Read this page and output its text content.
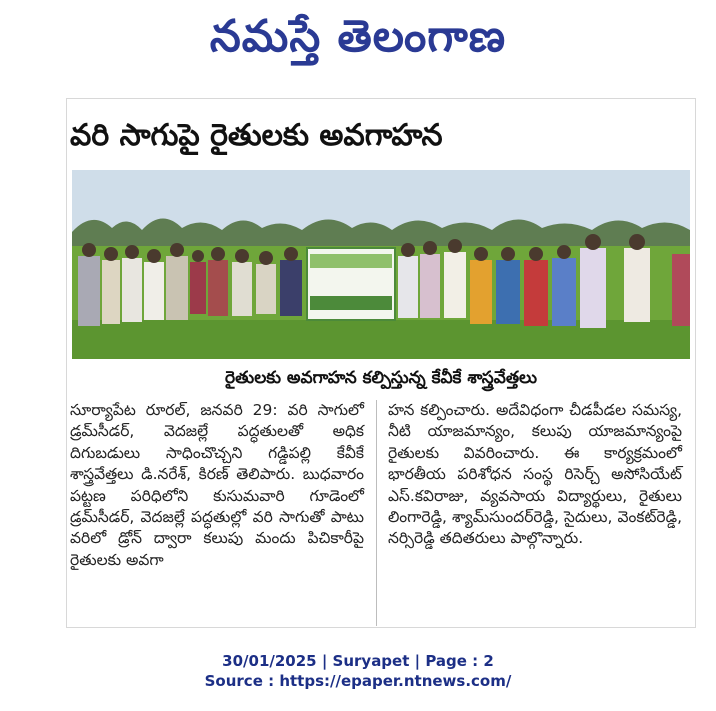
నమస్తే తెలంగాణ
వరి సాగుపై రైతులకు అవగాహన
రైతులకు అవగాహన కల్పిస్తున్న కేవీకే శాస్త్రవేత్తలు
సూర్యాపేట రూరల్, జనవరి 29: వరి సాగులో డ్రమ్‌సీడర్, వెదజల్లే పద్ధతులతో అధిక దిగుబడులు సాధించొచ్చని గడ్డిపల్లి కేవీకే శాస్త్రవేత్తలు డి.నరేశ్, కిరణ్ తెలిపారు. బుధవారం పట్టణ పరిధిలోని కుసుమవారి గూడెంలో డ్రమ్‌సీడర్, వెదజల్లే పద్ధతుల్లో వరి సాగుతో పాటు వరిలో డ్రోన్ ద్వారా కలుపు మందు పిచికారీపై రైతులకు అవగా
హన కల్పించారు. అదేవిధంగా చీడపీడల సమస్య, నీటి యాజమాన్యం, కలుపు యాజమాన్యంపై రైతులకు వివరించారు. ఈ కార్యక్రమంలో భారతీయ పరిశోధన సంస్థ రిసెర్చ్ అసోసియేట్ ఎస్.కవిరాజు, వ్యవసాయ విద్యార్థులు, రైతులు లింగారెడ్డి, శ్యామ్‌సుందర్‌రెడ్డి, సైదులు, వెంకట్‌రెడ్డి, నర్సిరెడ్డి తదితరులు పాల్గొన్నారు.
30/01/2025 | Suryapet | Page : 2
Source : https://epaper.ntnews.com/
